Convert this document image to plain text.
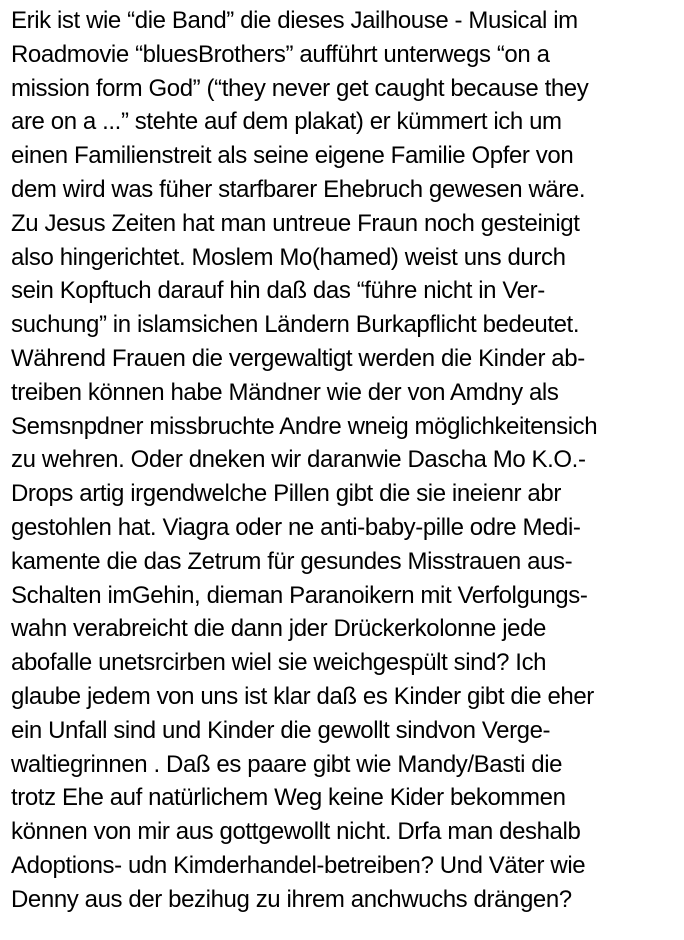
Erik ist wie “die Band” die dieses Jailhouse - Musical im
Roadmovie “bluesBrothers” aufführt unterwegs “on a
mission form God” (“they never get caught because they
are on a ...” stehte auf dem plakat) er kümmert ich um
einen Familienstreit als seine eigene Familie Opfer von
dem wird was füher starfbarer Ehebruch gewesen wäre.
Zu Jesus Zeiten hat man untreue Fraun noch gesteinigt
also hingerichtet. Moslem Mo(hamed) weist uns durch
sein Kopftuch darauf hin daß das “führe nicht in Ver-
suchung” in islamsichen Ländern Burkapflicht bedeutet.
Während Frauen die vergewaltigt werden die Kinder ab-
treiben können habe Mändner wie der von Amdny als
Semsnpdner missbruchte Andre wneig möglichkeitensich
zu wehren. Oder dneken wir daranwie Dascha Mo K.O.-
Drops artig irgendwelche Pillen gibt die sie ineienr abr
gestohlen hat. Viagra oder ne anti-baby-pille odre Medi-
kamente die das Zetrum für gesundes Misstrauen aus-
Schalten imGehin, dieman Paranoikern mit Verfolgungs-
wahn verabreicht die dann jder Drückerkolonne jede
abofalle unetsrcirben wiel sie weichgespült sind? Ich
glaube jedem von uns ist klar daß es Kinder gibt die eher
ein Unfall sind und Kinder die gewollt sindvon Verge-
waltiegrinnen . Daß es paare gibt wie Mandy/Basti die
trotz Ehe auf natürlichem Weg keine Kider bekommen
können von mir aus gottgewollt nicht. Drfa man deshalb
Adoptions- udn Kimderhandel-betreiben? Und Väter wie
Denny aus der bezihug zu ihrem anchwuchs drängen?
